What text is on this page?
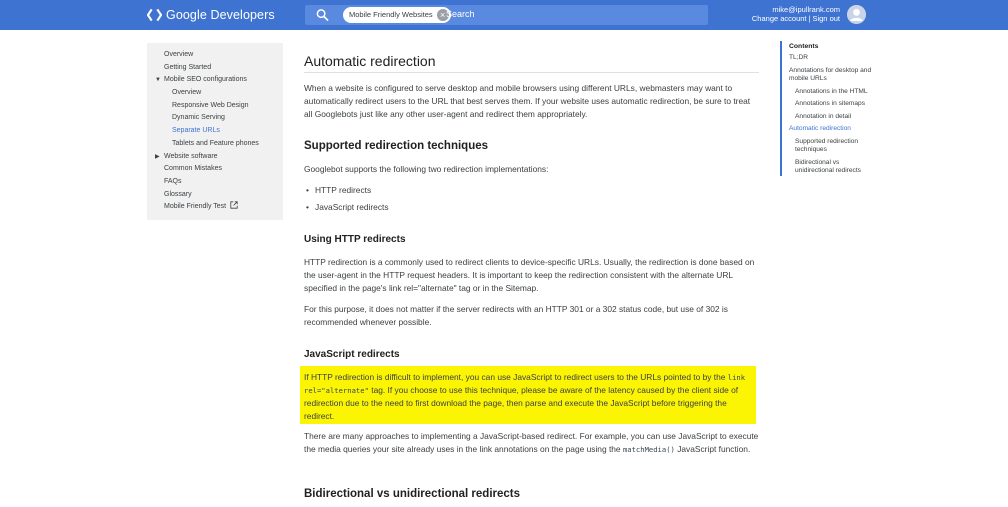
Google Developers	Mobile Friendly Websites × Search	mike@ipullrank.com
Change account | Sign out
Overview
Getting Started
▼ Mobile SEO configurations
Overview
Responsive Web Design
Dynamic Serving
Separate URLs
Tablets and Feature phones
▶ Website software
Common Mistakes
FAQs
Glossary
Mobile Friendly Test
Automatic redirection

When a website is configured to serve desktop and mobile browsers using different URLs, webmasters may want to automatically redirect users to the URL that best serves them. If your website uses automatic redirection, be sure to treat all Googlebots just like any other user-agent and redirect them appropriately.

Supported redirection techniques

Googlebot supports the following two redirection implementations:

• HTTP redirects
• JavaScript redirects
Using HTTP redirects

HTTP redirection is a commonly used to redirect clients to device-specific URLs. Usually, the redirection is done based on the user-agent in the HTTP request headers. It is important to keep the redirection consistent with the alternate URL specified in the page's link rel="alternate" tag or in the Sitemap.

For this purpose, it does not matter if the server redirects with an HTTP 301 or a 302 status code, but use of 302 is recommended whenever possible.

JavaScript redirects

If HTTP redirection is difficult to implement, you can use JavaScript to redirect users to the URLs pointed to by the link rel="alternate" tag. If you choose to use this technique, please be aware of the latency caused by the client side of redirection due to the need to first download the page, then parse and execute the JavaScript before triggering the redirect.

There are many approaches to implementing a JavaScript-based redirect. For example, you can use JavaScript to execute the media queries your site already uses in the link annotations on the page using the matchMedia() JavaScript function.

Bidirectional vs unidirectional redirects
Contents
TL;DR
Annotations for desktop and mobile URLs
Annotations in the HTML
Annotations in sitemaps
Annotation in detail
Automatic redirection
Supported redirection techniques
Bidirectional vs unidirectional redirects
